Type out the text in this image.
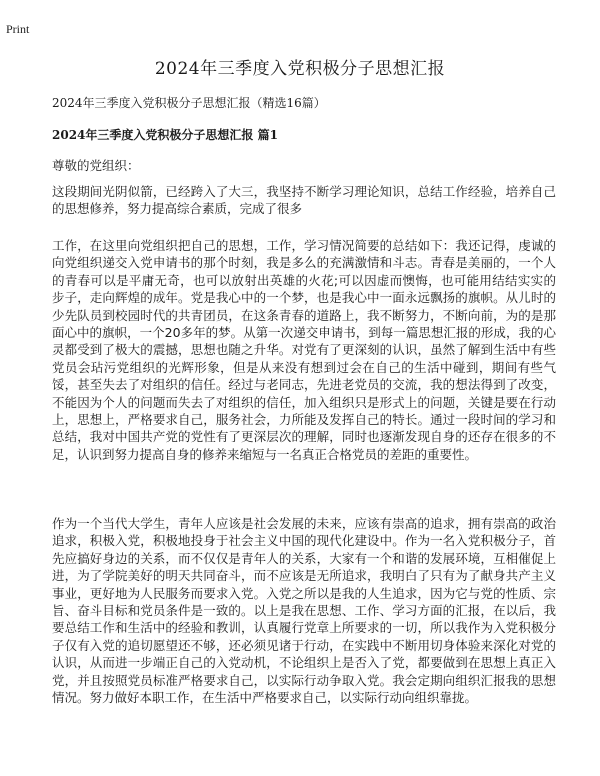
Print
2024年三季度入党积极分子思想汇报
2024年三季度入党积极分子思想汇报（精选16篇）
2024年三季度入党积极分子思想汇报 篇1
尊敬的党组织：

这段期间光阴似箭，已经跨入了大三，我坚持不断学习理论知识，总结工作经验，培养自己的思想修养，努力提高综合素质，完成了很多

工作，在这里向党组织把自己的思想，工作，学习情况简要的总结如下：我还记得，虔诚的向党组织递交入党申请书的那个时刻，我是多么的充满激情和斗志。青春是美丽的，一个人的青春可以是平庸无奇，也可以放射出英雄的火花;可以因虚而懊悔，也可能用结结实实的步子，走向辉煌的成年。党是我心中的一个梦，也是我心中一面永远飘扬的旗帜。从儿时的少先队员到校园时代的共青团员，在这条青春的道路上，我不断努力，不断向前，为的是那面心中的旗帜，一个20多年的梦。从第一次递交申请书，到每一篇思想汇报的形成，我的心灵都受到了极大的震撼，思想也随之升华。对党有了更深刻的认识，虽然了解到生活中有些党员会玷污党组织的光辉形象，但是从来没有想到过会在自己的生活中碰到，期间有些气馁，甚至失去了对组织的信任。经过与老同志，先进老党员的交流，我的想法得到了改变，不能因为个人的问题而失去了对组织的信任，加入组织只是形式上的问题，关键是要在行动上，思想上，严格要求自己，服务社会，力所能及发挥自己的特长。通过一段时间的学习和总结，我对中国共产党的党性有了更深层次的理解，同时也逐渐发现自身的还存在很多的不足，认识到努力提高自身的修养来缩短与一名真正合格党员的差距的重要性。

作为一个当代大学生，青年人应该是社会发展的未来，应该有崇高的追求，拥有崇高的政治追求，积极入党，积极地投身于社会主义中国的现代化建设中。作为一名入党积极分子，首先应搞好身边的关系，而不仅仅是青年人的关系，大家有一个和谐的发展环境，互相催促上进，为了学院美好的明天共同奋斗，而不应该是无所追求，我明白了只有为了献身共产主义事业，更好地为人民服务而要求入党。入党之所以是我的人生追求，因为它与党的性质、宗旨、奋斗目标和党员条件是一致的。以上是我在思想、工作、学习方面的汇报，在以后，我要总结工作和生活中的经验和教训，认真履行党章上所要求的一切，所以我作为入党积极分子仅有入党的追切愿望还不够，还必须见诸于行动，在实践中不断用切身体验来深化对党的认识，从而进一步端正自己的入党动机，不论组织上是否入了党，都要做到在思想上真正入党，并且按照党员标准严格要求自己，以实际行动争取入党。我会定期向组织汇报我的思想情况。努力做好本职工作，在生活中严格要求自己，以实际行动向组织靠拢。
